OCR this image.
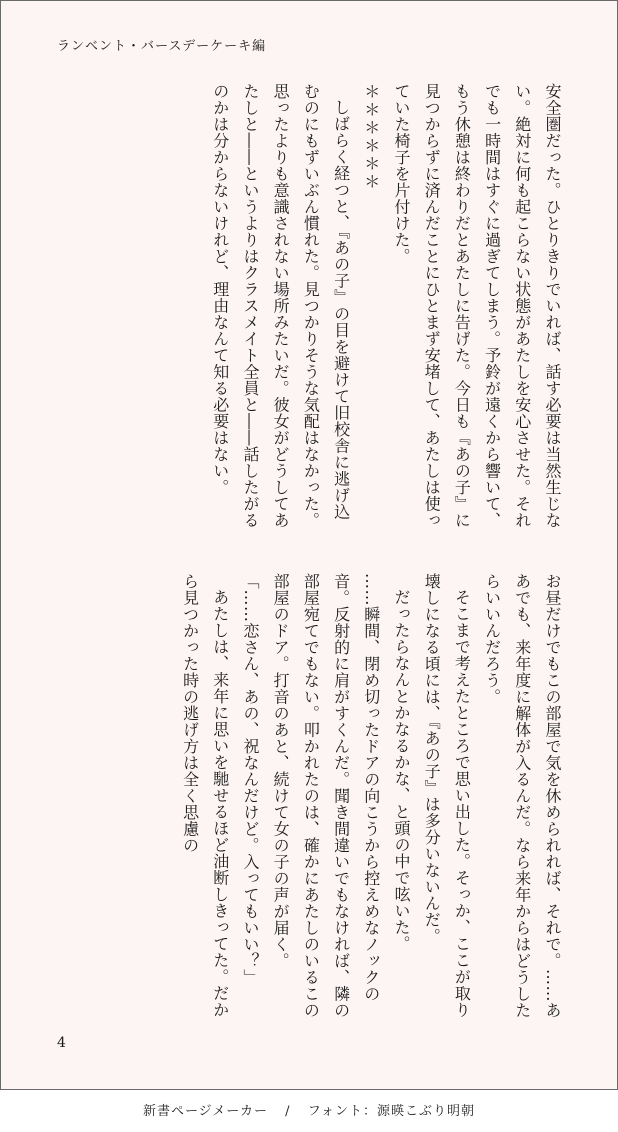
ランベント・バースデーケーキ編

安全圏だった。ひとりきりでいれば、話す必要は当然生じない。絶対に何も起こらない状態があたしを安心させた。それでも一時間はすぐに過ぎてしまう。予鈴が遠くから響いて、もう休憩は終わりだとあたしに告げた。今日も『あの子』に見つからずに済んだことにひとまず安堵して、あたしは使っていた椅子を片付けた。

＊＊＊＊＊＊

しばらく経つと、『あの子』の目を避けて旧校舎に逃げ込むのにもずいぶん慣れた。見つかりそうな気配はなかった。思ったよりも意識されない場所みたいだ。彼女がどうしてあたしと――というよりはクラスメイト全員と――話したがるのかは分からないけれど、理由なんて知る必要はない。

お昼だけでもこの部屋で気を休められれば、それで。……ああでも、来年度に解体が入るんだ。なら来年からはどうしたらいいんだろう。

そこまで考えたところで思い出した。そっか、ここが取り壊しになる頃には、『あの子』は多分いないんだ。

だったらなんとかなるかな、と頭の中で呟いた。

……瞬間、閉め切ったドアの向こうから控えめなノックの音。反射的に肩がすくんだ。聞き間違いでもなければ、隣の部屋宛てでもない。叩かれたのは、確かにあたしのいるこの部屋のドア。打音のあと、続けて女の子の声が届く。

「……恋さん、あの、祝なんだけど。入ってもいい？」

あたしは、来年に思いを馳せるほど油断しきってた。だから見つかった時の逃げ方は全く思慮の

4
新書ページメーカー / フォント：源暎こぶり明朝
